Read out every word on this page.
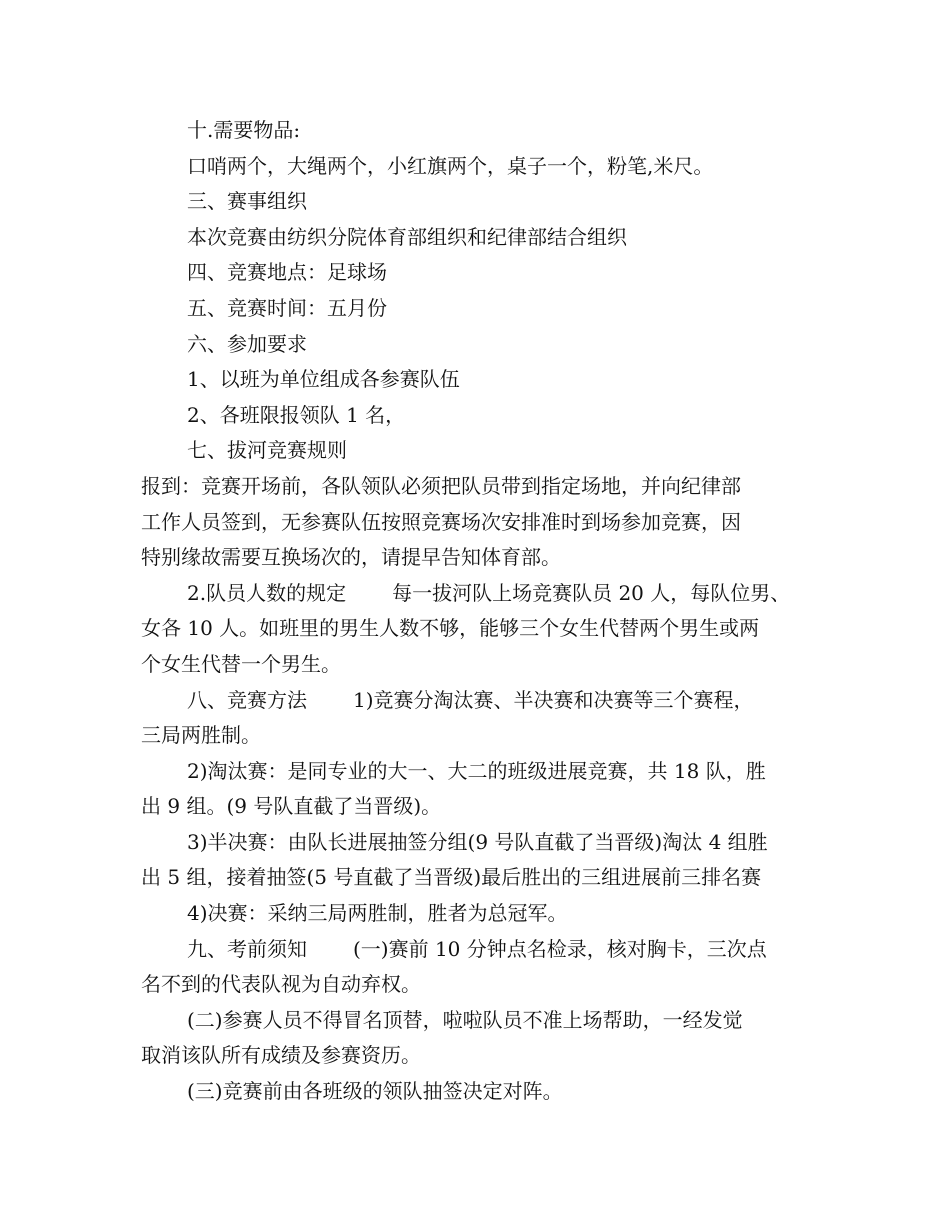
十.需要物品:
口哨两个，大绳两个，小红旗两个，桌子一个，粉笔,米尺。
三、赛事组织
本次竞赛由纺织分院体育部组织和纪律部结合组织
四、竞赛地点：足球场
五、竞赛时间：五月份
六、参加要求
1、以班为单位组成各参赛队伍
2、各班限报领队 1 名，
七、拔河竞赛规则
报到：竞赛开场前，各队领队必须把队员带到指定场地，并向纪律部
工作人员签到，无参赛队伍按照竞赛场次安排准时到场参加竞赛，因
特别缘故需要互换场次的，请提早告知体育部。
2.队员人数的规定 每一拔河队上场竞赛队员 20 人，每队位男、
女各 10 人。如班里的男生人数不够，能够三个女生代替两个男生或两
个女生代替一个男生。
八、竞赛方法 1)竞赛分淘汰赛、半决赛和决赛等三个赛程，
三局两胜制。
2)淘汰赛：是同专业的大一、大二的班级进展竞赛，共 18 队，胜
出 9 组。(9 号队直截了当晋级)。
3)半决赛：由队长进展抽签分组(9 号队直截了当晋级)淘汰 4 组胜
出 5 组，接着抽签(5 号直截了当晋级)最后胜出的三组进展前三排名赛
4)决赛：采纳三局两胜制，胜者为总冠军。
九、考前须知 (一)赛前 10 分钟点名检录，核对胸卡，三次点
名不到的代表队视为自动弃权。
(二)参赛人员不得冒名顶替，啦啦队员不准上场帮助，一经发觉
取消该队所有成绩及参赛资历。
(三)竞赛前由各班级的领队抽签决定对阵。
